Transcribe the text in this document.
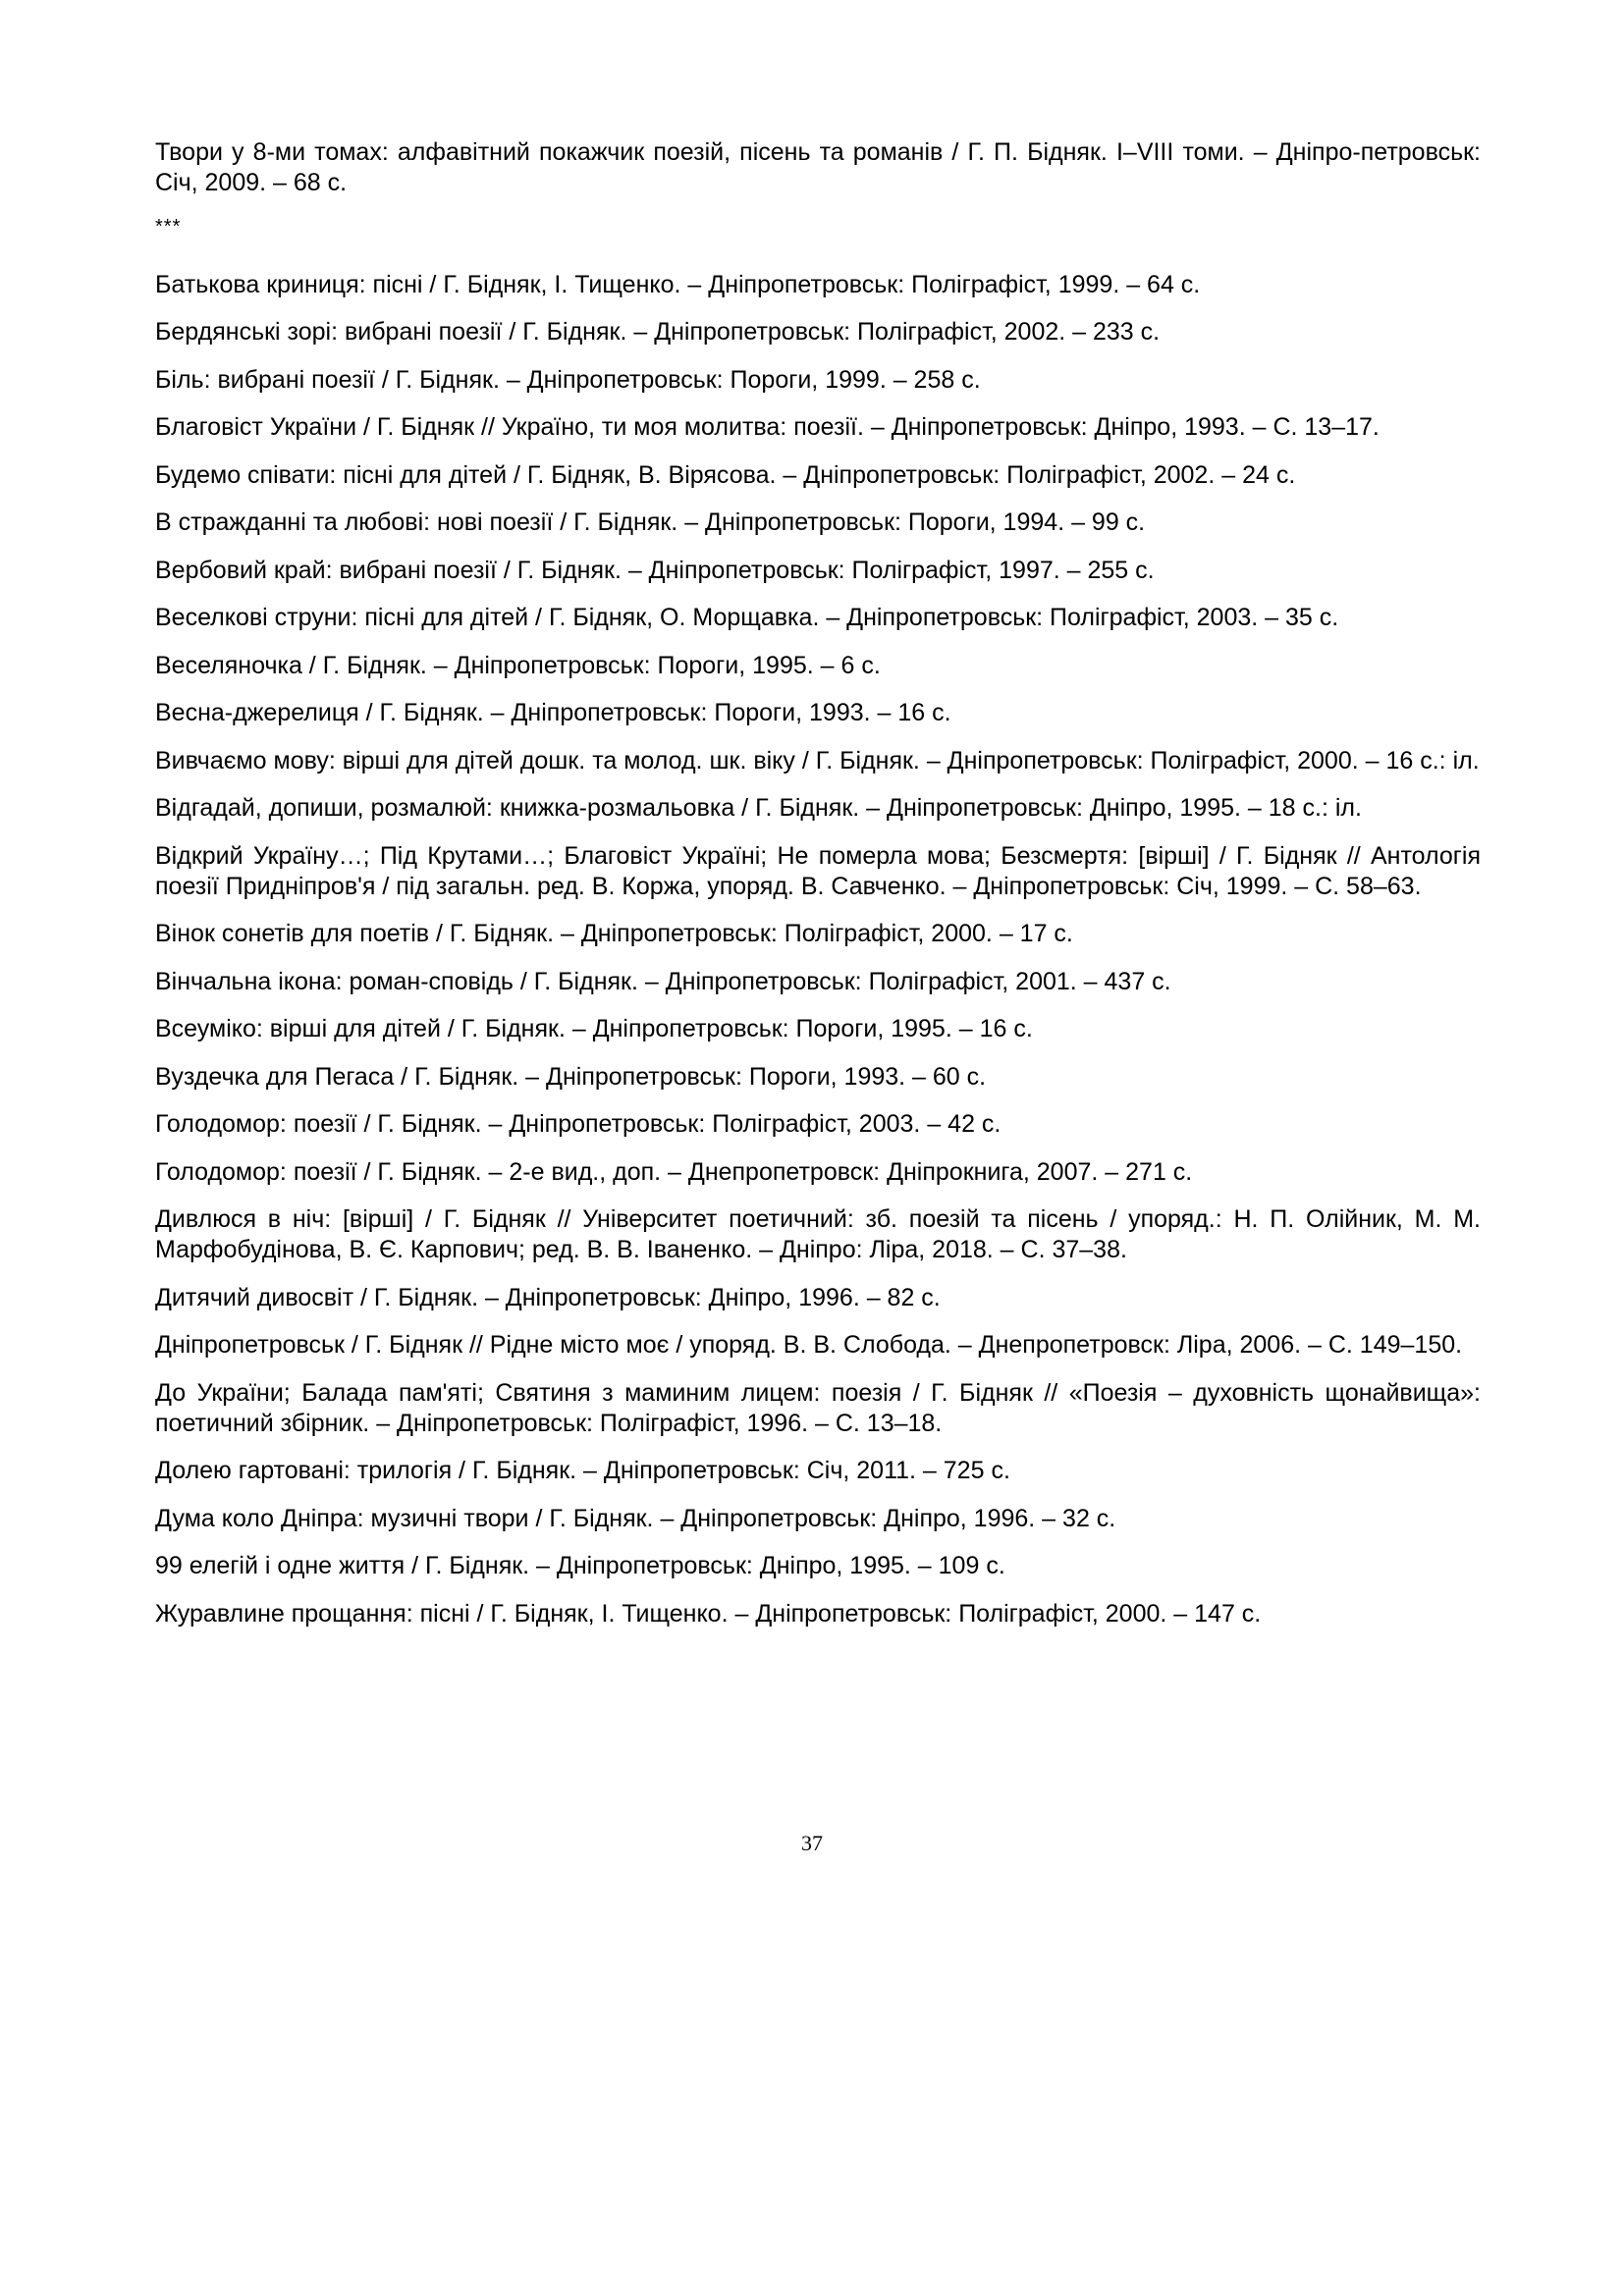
Твори у 8-ми томах: алфавітний покажчик поезій, пісень та романів / Г. П. Бідняк. I–VIII томи. – Дніпро-петровськ: Січ, 2009. – 68 с.

***

Батькова криниця: пісні / Г. Бідняк, І. Тищенко. – Дніпропетровськ: Поліграфіст, 1999. – 64 с.

Бердянські зорі: вибрані поезії / Г. Бідняк. – Дніпропетровськ: Поліграфіст, 2002. – 233 с.

Біль: вибрані поезії / Г. Бідняк. – Дніпропетровськ: Пороги, 1999. – 258 с.

Благовіст України / Г. Бідняк // Україно, ти моя молитва: поезії. – Дніпропетровськ: Дніпро, 1993. – С. 13–17.

Будемо співати: пісні для дітей / Г. Бідняк, В. Вірясова. – Дніпропетровськ: Поліграфіст, 2002. – 24 с.

В стражданні та любові: нові поезії / Г. Бідняк. – Дніпропетровськ: Пороги, 1994. – 99 с.

Вербовий край: вибрані поезії / Г. Бідняк. – Дніпропетровськ: Поліграфіст, 1997. – 255 с.

Веселкові струни: пісні для дітей / Г. Бідняк, О. Морщавка. – Дніпропетровськ: Поліграфіст, 2003. – 35 с.

Веселяночка / Г. Бідняк. – Дніпропетровськ: Пороги, 1995. – 6 с.

Весна-джерелиця / Г. Бідняк. – Дніпропетровськ: Пороги, 1993. – 16 с.

Вивчаємо мову: вірші для дітей дошк. та молод. шк. віку / Г. Бідняк. – Дніпропетровськ: Поліграфіст, 2000. – 16 с.: іл.

Відгадай, допиши, розмалюй: книжка-розмальовка / Г. Бідняк. – Дніпропетровськ: Дніпро, 1995. – 18 с.: іл.

Відкрий Україну…; Під Крутами…; Благовіст Україні; Не померла мова; Безсмертя: [вірші] / Г. Бідняк // Антологія поезії Придніпров'я / під загальн. ред. В. Коржа, упоряд. В. Савченко. – Дніпропетровськ: Січ, 1999. – С. 58–63.

Вінок сонетів для поетів / Г. Бідняк. – Дніпропетровськ: Поліграфіст, 2000. – 17 с.

Вінчальна ікона: роман-сповідь / Г. Бідняк. – Дніпропетровськ: Поліграфіст, 2001. – 437 с.

Всеуміко: вірші для дітей / Г. Бідняк. – Дніпропетровськ: Пороги, 1995. – 16 с.

Вуздечка для Пегаса / Г. Бідняк. – Дніпропетровськ: Пороги, 1993. – 60 с.

Голодомор: поезії / Г. Бідняк. – Дніпропетровськ: Поліграфіст, 2003. – 42 с.

Голодомор: поезії / Г. Бідняк. – 2-е вид., доп. – Днепропетровск: Дніпрокнига, 2007. – 271 с.

Дивлюся в ніч: [вірші] / Г. Бідняк // Університет поетичний: зб. поезій та пісень / упоряд.: Н. П. Олійник, М. М. Марфобудінова, В. Є. Карпович; ред. В. В. Іваненко. – Дніпро: Ліра, 2018. – С. 37–38.

Дитячий дивосвіт / Г. Бідняк. – Дніпропетровськ: Дніпро, 1996. – 82 с.

Дніпропетровськ / Г. Бідняк // Рідне місто моє / упоряд. В. В. Слобода. – Днепропетровск: Ліра, 2006. – С. 149–150.

До України; Балада пам'яті; Святиня з маминим лицем: поезія / Г. Бідняк // «Поезія – духовність щонайвища»: поетичний збірник. – Дніпропетровськ: Поліграфіст, 1996. – С. 13–18.

Долею гартовані: трилогія / Г. Бідняк. – Дніпропетровськ: Січ, 2011. – 725 с.

Дума коло Дніпра: музичні твори / Г. Бідняк. – Дніпропетровськ: Дніпро, 1996. – 32 с.

99 елегій і одне життя / Г. Бідняк. – Дніпропетровськ: Дніпро, 1995. – 109 с.

Журавлине прощання: пісні / Г. Бідняк, І. Тищенко. – Дніпропетровськ: Поліграфіст, 2000. – 147 с.

37
